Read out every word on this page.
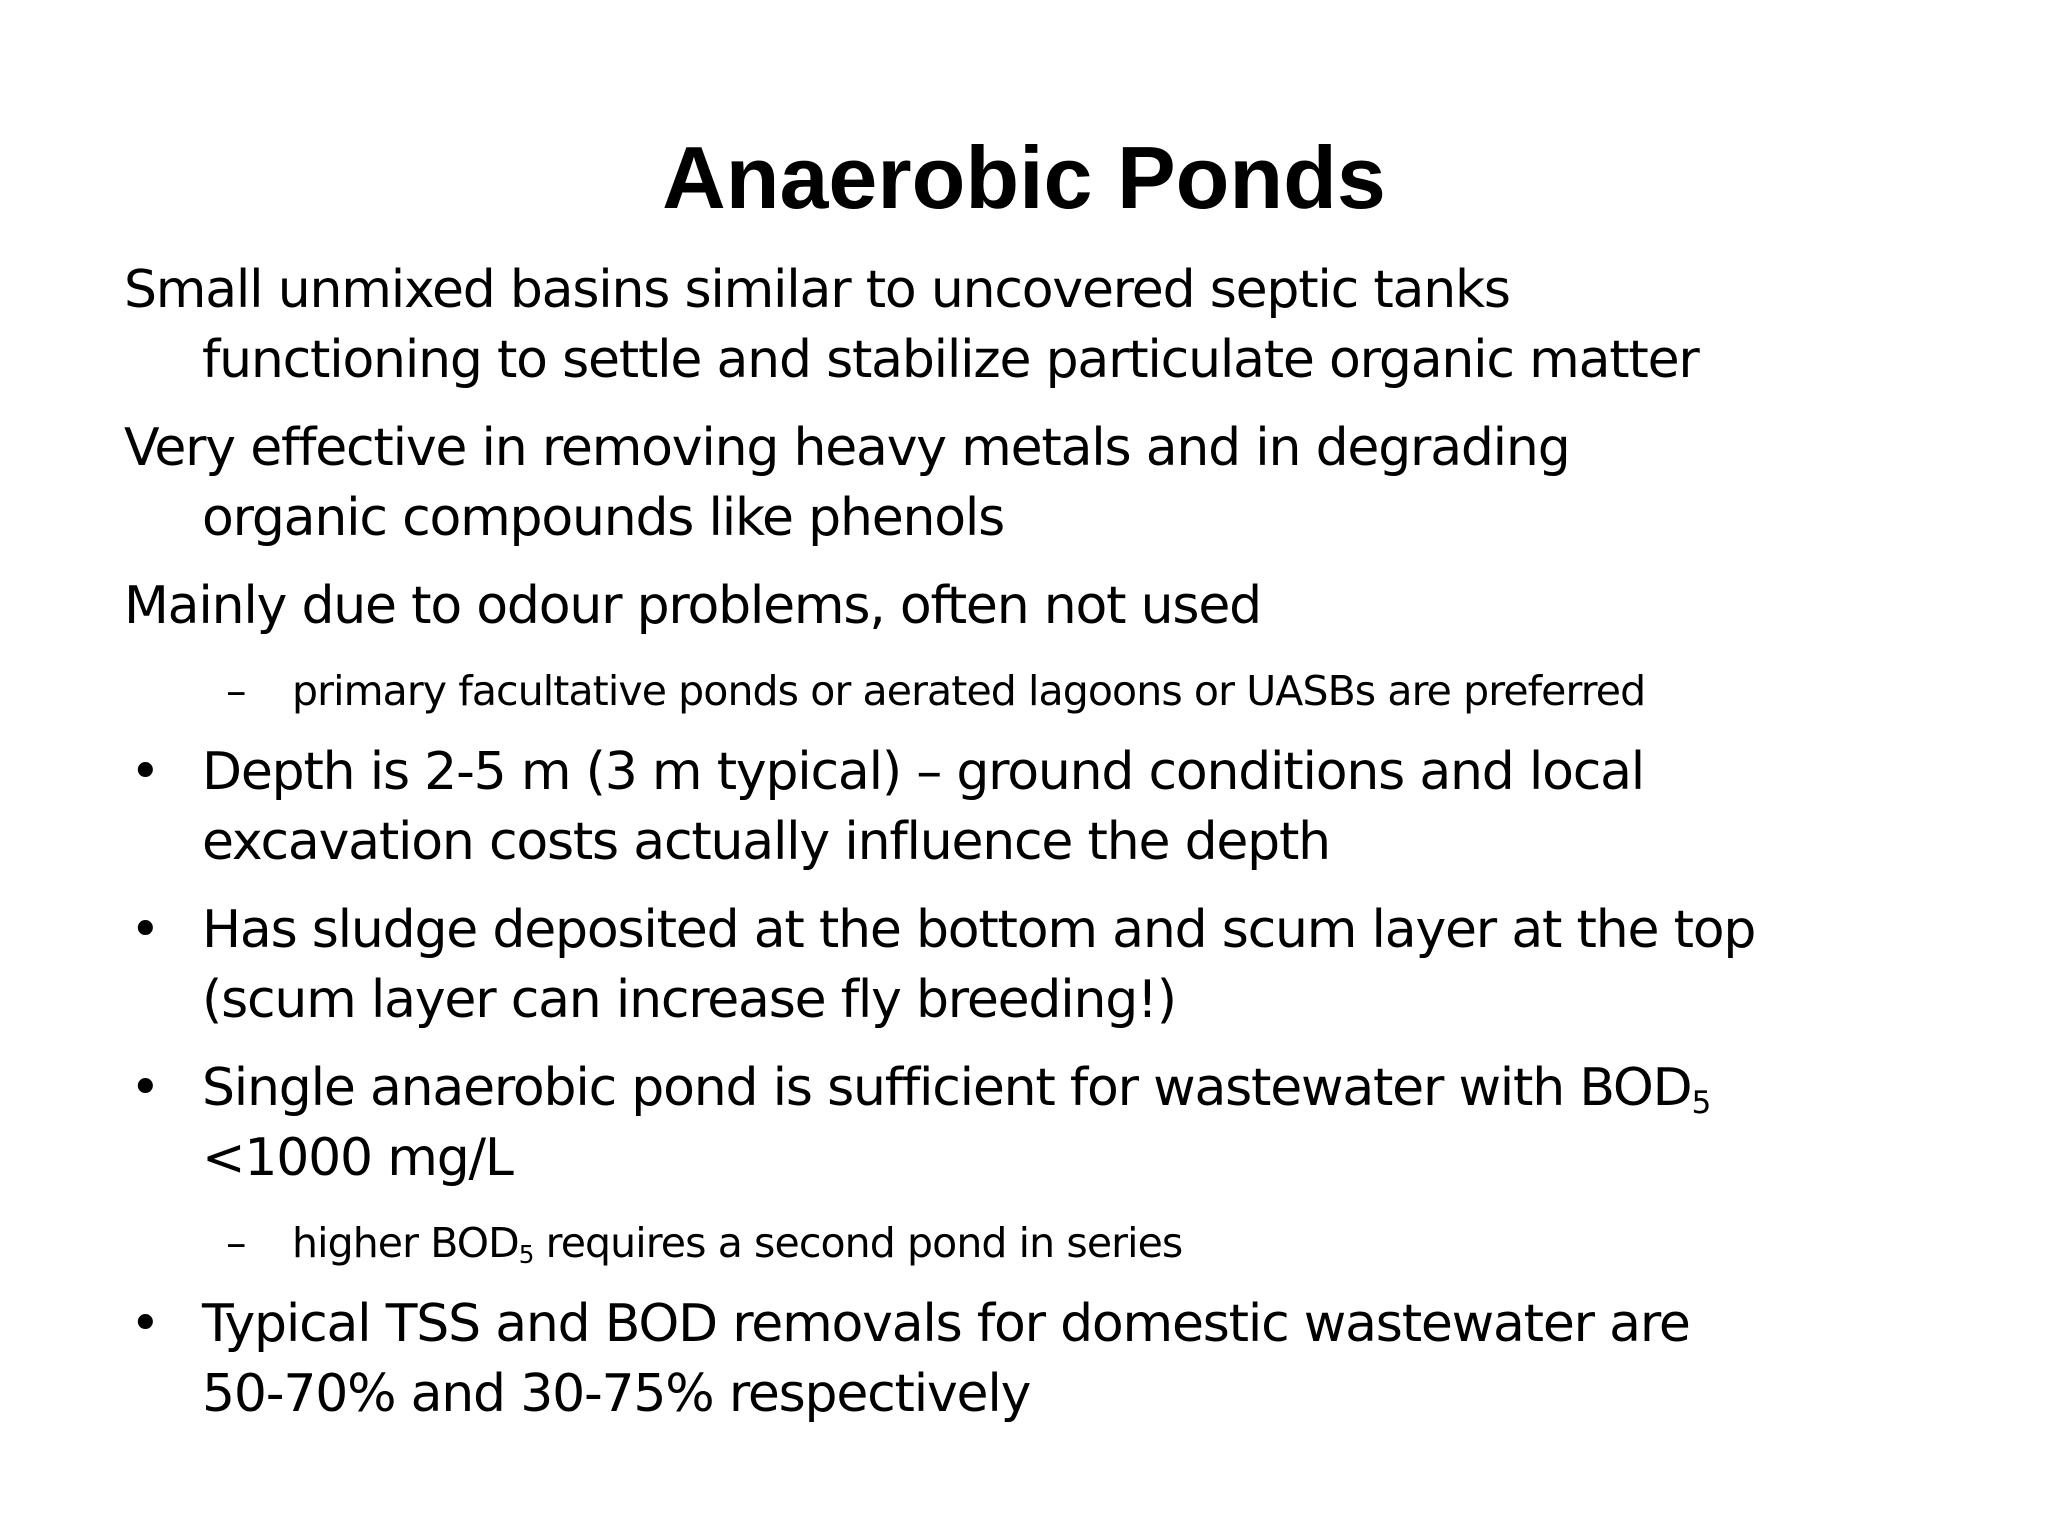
Anaerobic Ponds
Small unmixed basins similar to uncovered septic tanks
functioning to settle and stabilize particulate organic matter
Very effective in removing heavy metals and in degrading
organic compounds like phenols
Mainly due to odour problems, often not used
–	primary facultative ponds or aerated lagoons or UASBs are preferred
• Depth is 2-5 m (3 m typical) – ground conditions and local
excavation costs actually influence the depth
• Has sludge deposited at the bottom and scum layer at the top
(scum layer can increase fly breeding!)
• Single anaerobic pond is sufficient for wastewater with $BOD_5$
<1000 mg/L
–	higher $BOD_5$ requires a second pond in series
• Typical TSS and BOD removals for domestic wastewater are
50-70% and 30-75% respectively
